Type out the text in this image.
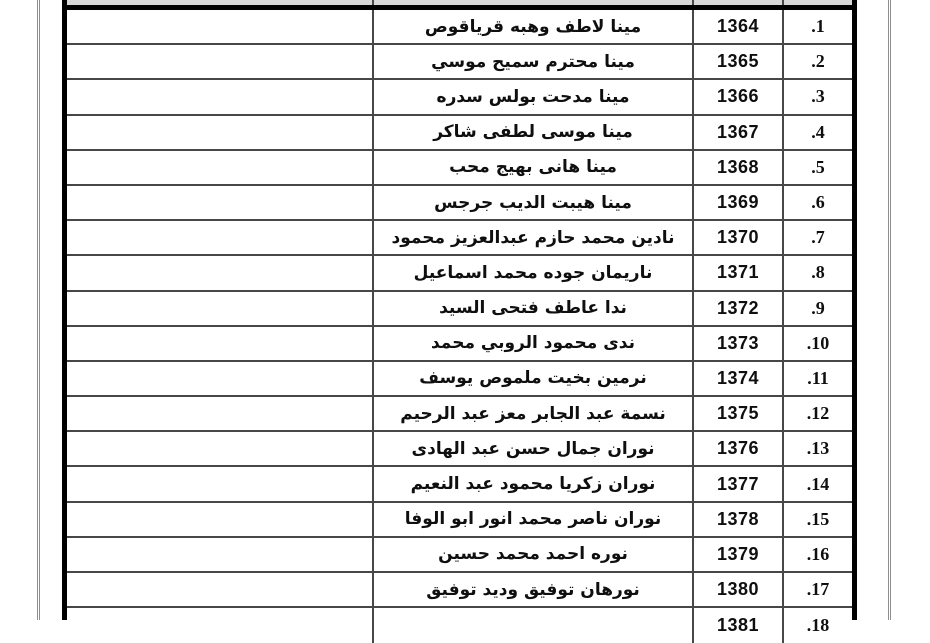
.1
1364
مينا لاطف وهبه قرياقوص
.2
1365
مينا محترم سميح موسي
.3
1366
مينا مدحت بولس سدره
.4
1367
مينا موسى لطفى شاكر
.5
1368
مينا هانى بهيج محب
.6
1369
مينا هيبت الديب جرجس
.7
1370
نادين محمد حازم عبدالعزيز محمود
.8
1371
ناريمان جوده محمد اسماعيل
.9
1372
ندا عاطف فتحى السيد
.10
1373
ندى محمود الروبي محمد
.11
1374
نرمين بخيت ملموص يوسف
.12
1375
نسمة عبد الجابر معز عبد الرحيم
.13
1376
نوران جمال حسن عبد الهادى
.14
1377
نوران زكريا محمود عبد النعيم
.15
1378
نوران ناصر محمد انور ابو الوفا
.16
1379
نوره احمد محمد حسين
.17
1380
نورهان توفيق وديد توفيق
.18
1381
